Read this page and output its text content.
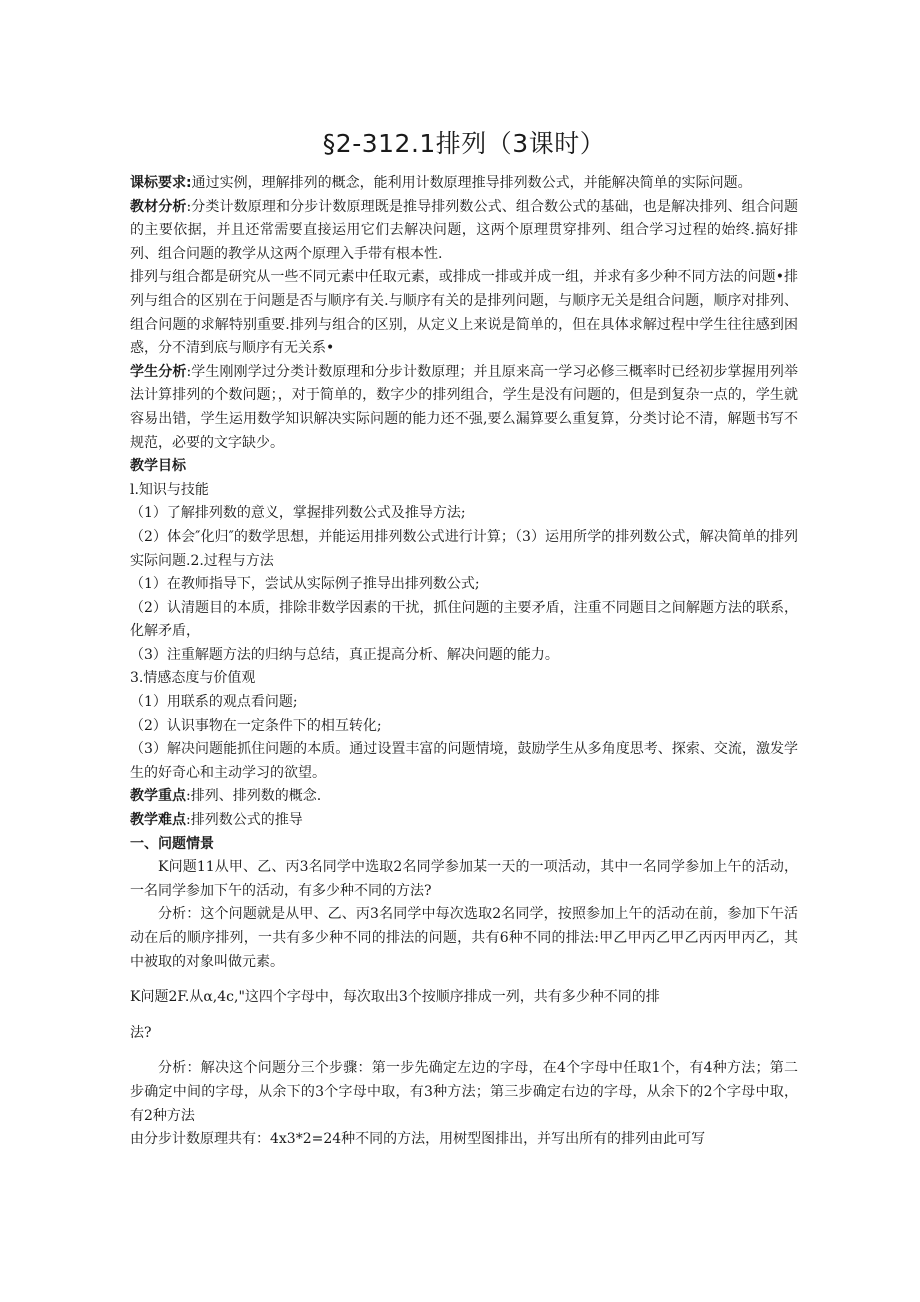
§2-312.1排列（3课时）

课标要求:通过实例，理解排列的概念，能利用计数原理推导排列数公式，并能解决简单的实际问题。

教材分析:分类计数原理和分步计数原理既是推导排列数公式、组合数公式的基础，也是解决排列、组合问题的主要依据，并且还常需要直接运用它们去解决问题，这两个原理贯穿排列、组合学习过程的始终.搞好排列、组合问题的教学从这两个原理入手带有根本性.

排列与组合都是研究从一些不同元素中任取元素，或排成一排或并成一组，并求有多少种不同方法的问题•排列与组合的区别在于问题是否与顺序有关.与顺序有关的是排列问题，与顺序无关是组合问题，顺序对排列、组合问题的求解特别重要.排列与组合的区别，从定义上来说是简单的，但在具体求解过程中学生往往感到困惑，分不清到底与顺序有无关系•

学生分析:学生刚刚学过分类计数原理和分步计数原理；并且原来高一学习必修三概率时已经初步掌握用列举法计算排列的个数问题；，对于简单的，数字少的排列组合，学生是没有问题的，但是到复杂一点的，学生就容易出错，学生运用数学知识解决实际问题的能力还不强,要么漏算要么重复算，分类讨论不清，解题书写不规范，必要的文字缺少。

教学目标

l.知识与技能

（1）了解排列数的意义，掌握排列数公式及推导方法;

（2）体会″化归″的数学思想，并能运用排列数公式进行计算；（3）运用所学的排列数公式，解决简单的排列实际问题.2.过程与方法

（1）在教师指导下，尝试从实际例子推导出排列数公式;

（2）认清题目的本质，排除非数学因素的干扰，抓住问题的主要矛盾，注重不同题目之间解题方法的联系，化解矛盾，

（3）注重解题方法的归纳与总结，真正提高分析、解决问题的能力。

3.情感态度与价值观

（1）用联系的观点看问题;

（2）认识事物在一定条件下的相互转化;

（3）解决问题能抓住问题的本质。通过设置丰富的问题情境，鼓励学生从多角度思考、探索、交流，激发学生的好奇心和主动学习的欲望。

教学重点:排列、排列数的概念.

教学难点:排列数公式的推导

一、问题情景

K问题11从甲、乙、丙3名同学中选取2名同学参加某一天的一项活动，其中一名同学参加上午的活动，一名同学参加下午的活动，有多少种不同的方法?

分析：这个问题就是从甲、乙、丙3名同学中每次选取2名同学，按照参加上午的活动在前，参加下午活动在后的顺序排列，一共有多少种不同的排法的问题，共有6种不同的排法:甲乙甲丙乙甲乙丙丙甲丙乙，其中被取的对象叫做元素。

K问题2F.从α,4c,"这四个字母中，每次取出3个按顺序排成一列，共有多少种不同的排

法?

分析：解决这个问题分三个步骤：第一步先确定左边的字母，在4个字母中任取1个，有4种方法；第二步确定中间的字母，从余下的3个字母中取，有3种方法；第三步确定右边的字母，从余下的2个字母中取，有2种方法

由分步计数原理共有：4x3*2=24种不同的方法，用树型图排出，并写出所有的排列由此可写
